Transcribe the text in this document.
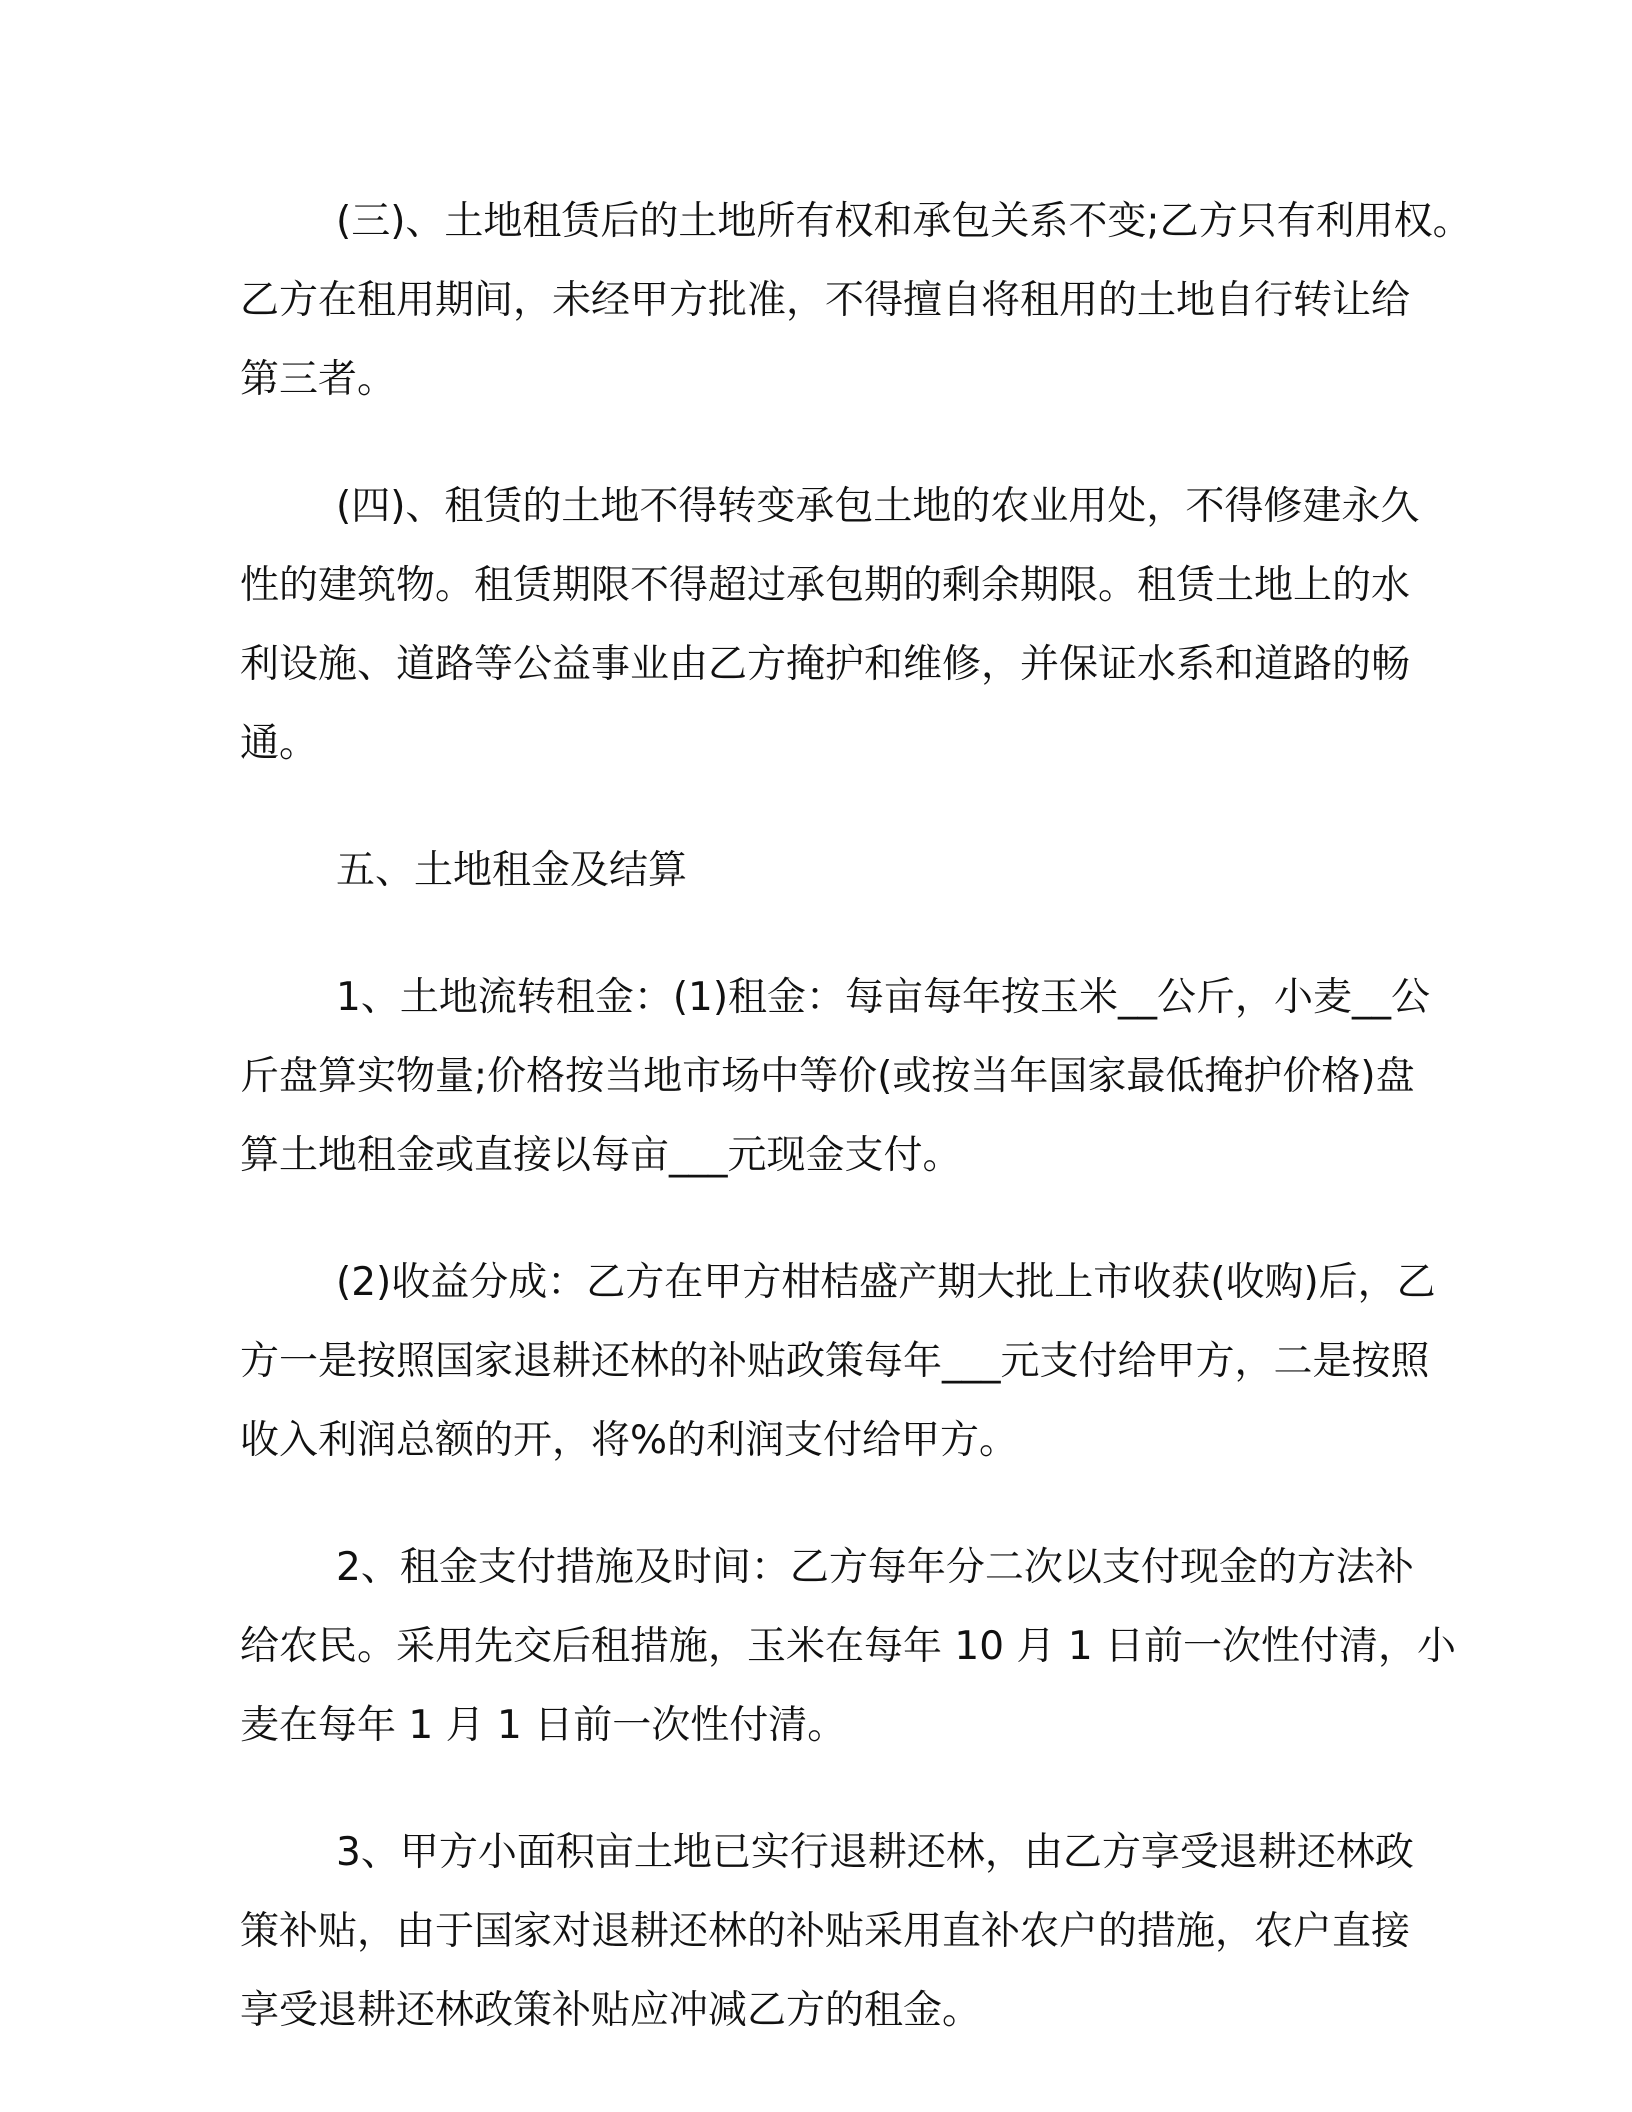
(三)、土地租赁后的土地所有权和承包关系不变;乙方只有利用权。
乙方在租用期间，未经甲方批准，不得擅自将租用的土地自行转让给
第三者。

(四)、租赁的土地不得转变承包土地的农业用处，不得修建永久
性的建筑物。租赁期限不得超过承包期的剩余期限。租赁土地上的水
利设施、道路等公益事业由乙方掩护和维修，并保证水系和道路的畅
通。

五、土地租金及结算

1、土地流转租金：(1)租金：每亩每年按玉米__公斤，小麦__公
斤盘算实物量;价格按当地市场中等价(或按当年国家最低掩护价格)盘
算土地租金或直接以每亩___元现金支付。

(2)收益分成：乙方在甲方柑桔盛产期大批上市收获(收购)后，乙
方一是按照国家退耕还林的补贴政策每年___元支付给甲方，二是按照
收入利润总额的开，将%的利润支付给甲方。

2、租金支付措施及时间：乙方每年分二次以支付现金的方法补
给农民。采用先交后租措施，玉米在每年 10 月 1 日前一次性付清，小
麦在每年 1 月 1 日前一次性付清。

3、甲方小面积亩土地已实行退耕还林，由乙方享受退耕还林政
策补贴，由于国家对退耕还林的补贴采用直补农户的措施，农户直接
享受退耕还林政策补贴应冲减乙方的租金。
